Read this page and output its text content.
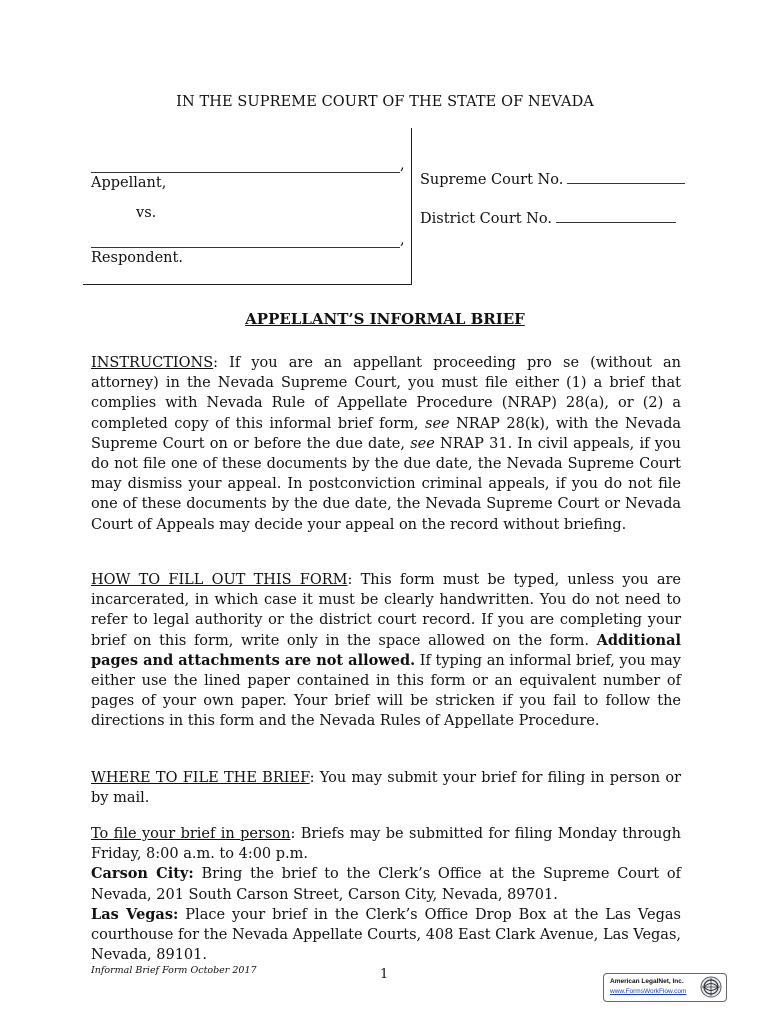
IN THE SUPREME COURT OF THE STATE OF NEVADA
,
Appellant,
vs.
,
Respondent.
Supreme Court No.
District Court No.
APPELLANT’S INFORMAL BRIEF

INSTRUCTIONS: If you are an appellant proceeding pro se (without an attorney) in the Nevada Supreme Court, you must file either (1) a brief that complies with Nevada Rule of Appellate Procedure (NRAP) 28(a), or (2) a completed copy of this informal brief form, see NRAP 28(k), with the Nevada Supreme Court on or before the due date, see NRAP 31. In civil appeals, if you do not file one of these documents by the due date, the Nevada Supreme Court may dismiss your appeal. In postconviction criminal appeals, if you do not file one of these documents by the due date, the Nevada Supreme Court or Nevada Court of Appeals may decide your appeal on the record without briefing.

HOW TO FILL OUT THIS FORM: This form must be typed, unless you are incarcerated, in which case it must be clearly handwritten. You do not need to refer to legal authority or the district court record. If you are completing your brief on this form, write only in the space allowed on the form. Additional pages and attachments are not allowed. If typing an informal brief, you may either use the lined paper contained in this form or an equivalent number of pages of your own paper. Your brief will be stricken if you fail to follow the directions in this form and the Nevada Rules of Appellate Procedure.

WHERE TO FILE THE BRIEF: You may submit your brief for filing in person or by mail.

To file your brief in person: Briefs may be submitted for filing Monday through Friday, 8:00 a.m. to 4:00 p.m.
Carson City: Bring the brief to the Clerk’s Office at the Supreme Court of Nevada, 201 South Carson Street, Carson City, Nevada, 89701.
Las Vegas: Place your brief in the Clerk’s Office Drop Box at the Las Vegas courthouse for the Nevada Appellate Courts, 408 East Clark Avenue, Las Vegas, Nevada, 89101.

Informal Brief Form October 2017	1	American LegalNet, Inc.
www.FormsWorkFlow.com
